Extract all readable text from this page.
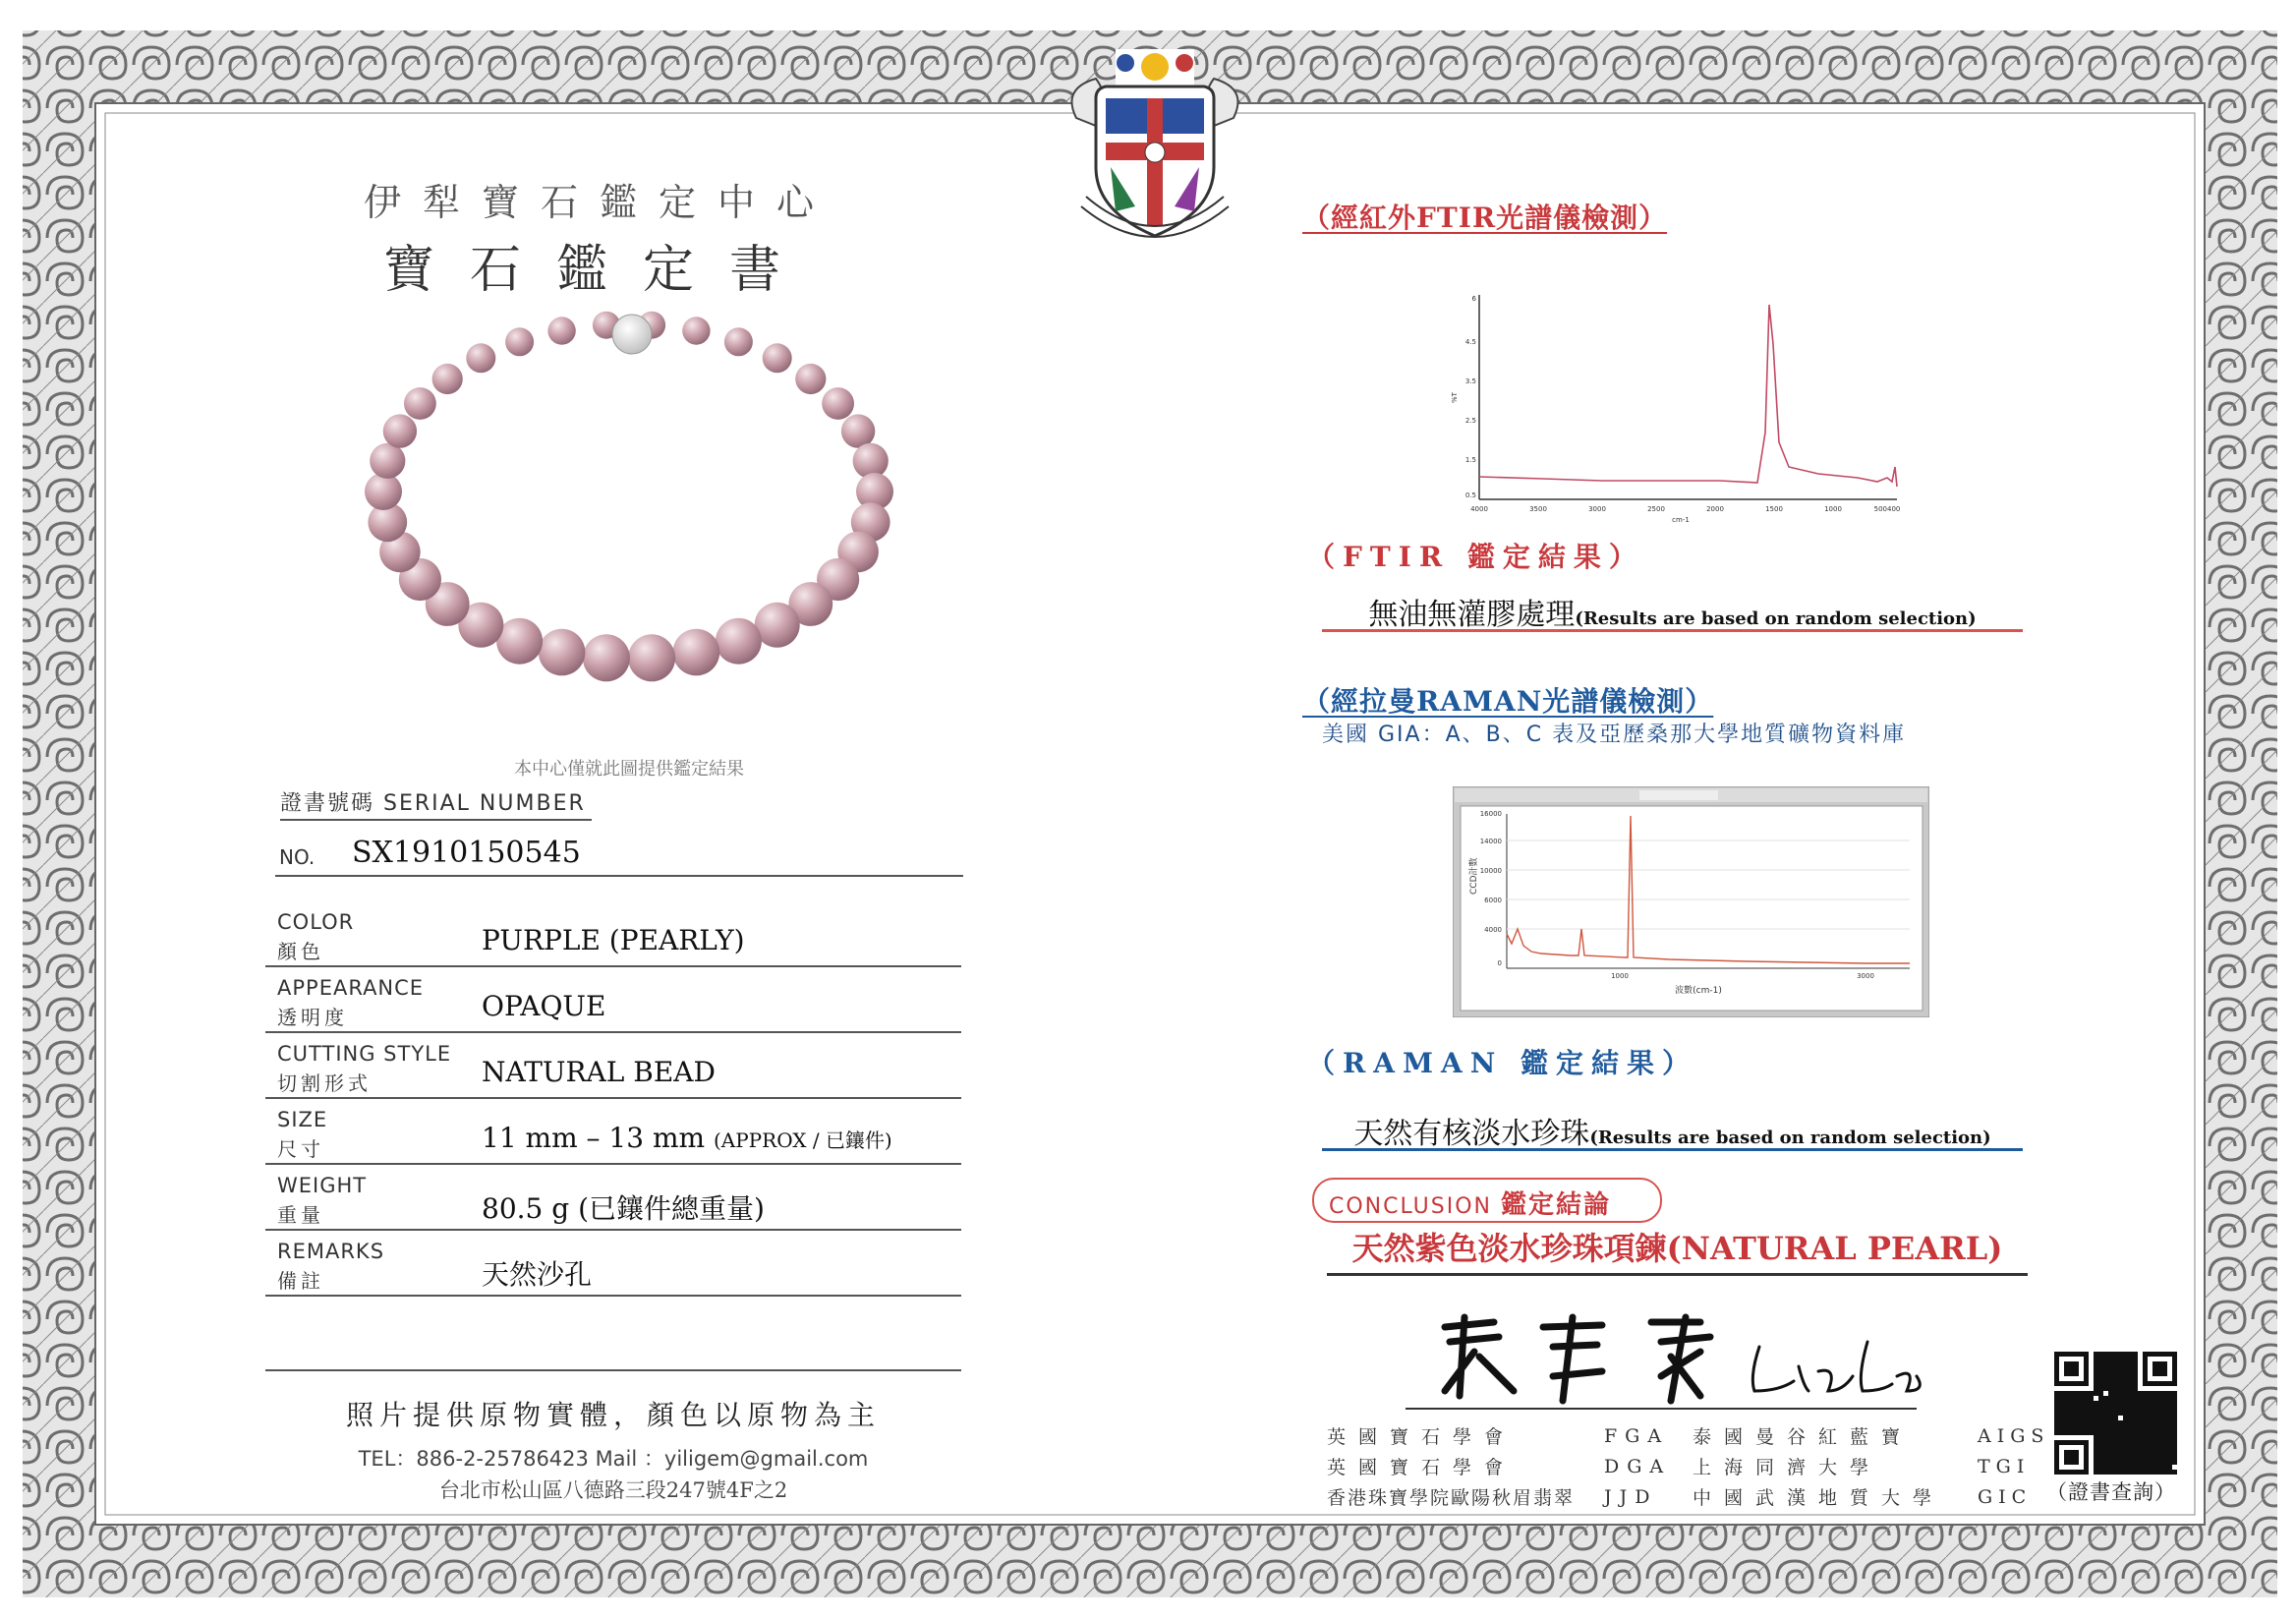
伊犁寶石鑑定中心
寶石鑑定書
本中心僅就此圖提供鑑定結果
證書號碼 SERIAL NUMBER
NO. SX1910150545
COLOR
顏色	PURPLE (PEARLY)
APPEARANCE
透明度	OPAQUE
CUTTING STYLE
切割形式	NATURAL BEAD
SIZE
尺寸	11 mm – 13 mm (APPROX / 已鑲件)
WEIGHT
重量	80.5 g (已鑲件總重量)
REMARKS
備註	天然沙孔
照片提供原物實體，顏色以原物為主
TEL：886-2-25786423 Mail ：yiligem@gmail.com
台北市松山區八德路三段247號4F之2
（經紅外FTIR光譜儀檢測）
6
4.5
3.5
2.5
1.5
0.5
4000	3500	3000	2500	2000	1500	1000	500400
cm-1
%T
（FTIR 鑑定結果）
無油無灌膠處理(Results are based on random selection)
（經拉曼RAMAN光譜儀檢測）
美國 GIA：A、B、C 表及亞歷桑那大學地質礦物資料庫
16000
14000
10000
6000
4000
0
1000	3000
波數(cm-1)
CCD計數
（RAMAN 鑑定結果）
天然有核淡水珍珠(Results are based on random selection)
CONCLUSION 鑑定結論
天然紫色淡水珍珠項鍊(NATURAL PEARL)
英國寶石學會	FGA	泰國曼谷紅藍寶	AIGS
英國寶石學會	DGA	上海同濟大學	TGI
香港珠寶學院歐陽秋眉翡翠	JJD	中國武漢地質大學	GIC （證書查詢）
